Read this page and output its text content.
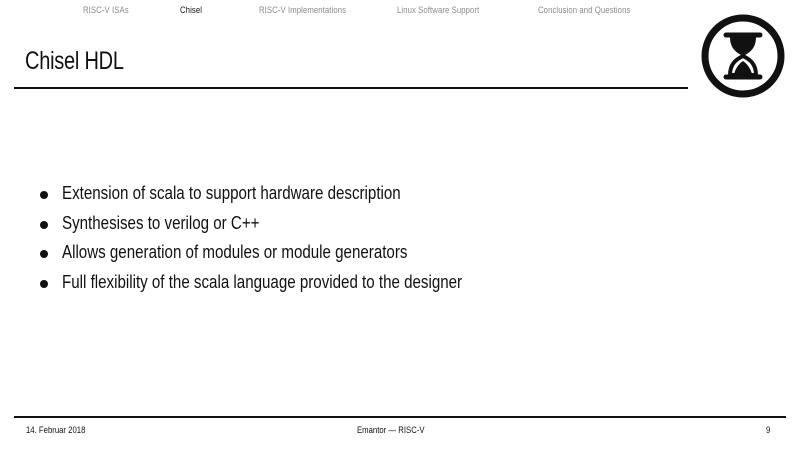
RISC-V ISAs	Chisel	RISC-V Implementations	Linux Software Support	Conclusion and Questions
Chisel HDL
Extension of scala to support hardware description
Synthesises to verilog or C++
Allows generation of modules or module generators
Full flexibility of the scala language provided to the designer
14. Februar 2018	Emantor — RISC-V	9
